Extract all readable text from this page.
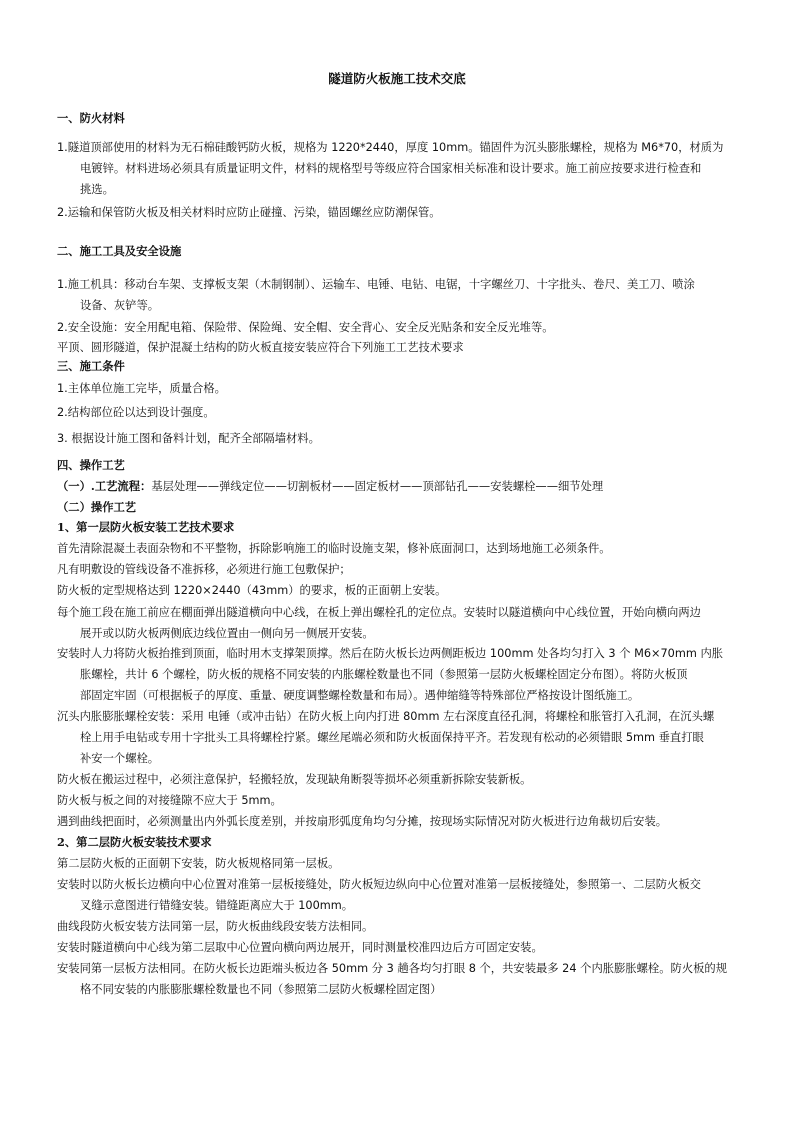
隧道防火板施工技术交底
一、防火材料
1.隧道顶部使用的材料为无石棉硅酸钙防火板，规格为 1220*2440，厚度 10mm。锚固件为沉头膨胀螺栓，规格为 M6*70，材质为
电镀锌。材料进场必须具有质量证明文件，材料的规格型号等级应符合国家相关标准和设计要求。施工前应按要求进行检查和
挑选。
2.运输和保管防火板及相关材料时应防止碰撞、污染，锚固螺丝应防潮保管。
二、施工工具及安全设施
1.施工机具：移动台车架、支撑板支架（木制钢制）、运输车、电锤、电钻、电锯，十字螺丝刀、十字批头、卷尺、美工刀、喷涂
设备、灰铲等。
2.安全设施：安全用配电箱、保险带、保险绳、安全帽、安全背心、安全反光贴条和安全反光堆等。
平顶、圆形隧道，保护混凝土结构的防火板直接安装应符合下列施工工艺技术要求
三、施工条件
1.主体单位施工完毕，质量合格。
2.结构部位砼以达到设计强度。
3. 根据设计施工图和备料计划，配齐全部隔墙材料。
四、操作工艺
（一）.工艺流程：基层处理——弹线定位——切割板材——固定板材——顶部钻孔——安装螺栓——细节处理
（二）操作工艺
1、第一层防火板安装工艺技术要求
首先清除混凝土表面杂物和不平整物，拆除影响施工的临时设施支架，修补底面洞口，达到场地施工必须条件。
凡有明敷设的管线设备不准拆移，必须进行施工包敷保护；
防火板的定型规格达到 1220×2440（43mm）的要求，板的正面朝上安装。
每个施工段在施工前应在棚面弹出隧道横向中心线，在板上弹出螺栓孔的定位点。安装时以隧道横向中心线位置，开始向横向两边
展开或以防火板两侧底边线位置由一侧向另一侧展开安装。
安装时人力将防火板抬推到顶面，临时用木支撑架顶撑。然后在防火板长边两侧距板边 100mm 处各均匀打入 3 个 M6×70mm 内胀
胀螺栓，共计 6 个螺栓，防火板的规格不同安装的内胀螺栓数量也不同（参照第一层防火板螺栓固定分布图）。将防火板顶
部固定牢固（可根据板子的厚度、重量、硬度调整螺栓数量和布局）。遇伸缩缝等特殊部位严格按设计图纸施工。
沉头内胀膨胀螺栓安装：采用 电锤（或冲击钻）在防火板上向内打进 80mm 左右深度直径孔洞，将螺栓和胀管打入孔洞，在沉头螺
栓上用手电钻或专用十字批头工具将螺栓拧紧。螺丝尾端必须和防火板面保持平齐。若发现有松动的必须错眼 5mm 垂直打眼
补安一个螺栓。
防火板在搬运过程中，必须注意保护，轻搬轻放，发现缺角断裂等损坏必须重新拆除安装新板。
防火板与板之间的对接缝隙不应大于 5mm。
遇到曲线把面时，必须测量出内外弧长度差别，并按扇形弧度角均匀分摊，按现场实际情况对防火板进行边角裁切后安装。
2、第二层防火板安装技术要求
第二层防火板的正面朝下安装，防火板规格同第一层板。
安装时以防火板长边横向中心位置对准第一层板接缝处，防火板短边纵向中心位置对准第一层板接缝处，参照第一、二层防火板交
叉缝示意图进行错缝安装。错缝距离应大于 100mm。
曲线段防火板安装方法同第一层，防火板曲线段安装方法相同。
安装时隧道横向中心线为第二层取中心位置向横向两边展开，同时测量校准四边后方可固定安装。
安装同第一层板方法相同。在防火板长边距端头板边各 50mm 分 3 趟各均匀打眼 8 个，共安装最多 24 个内胀膨胀螺栓。防火板的规
格不同安装的内胀膨胀螺栓数量也不同（参照第二层防火板螺栓固定图）
